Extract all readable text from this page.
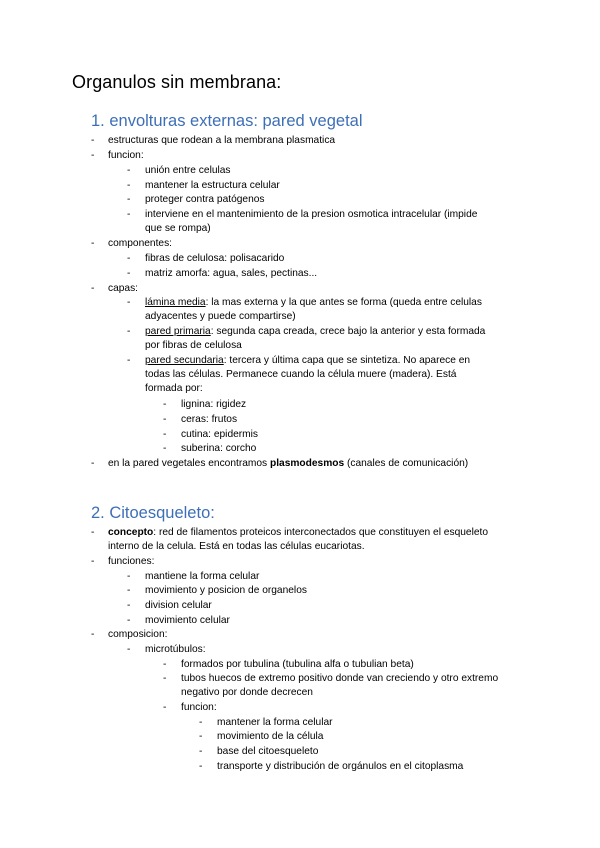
Organulos sin membrana:
1. envolturas externas: pared vegetal
- estructuras que rodean a la membrana plasmatica
- funcion:
- unión entre celulas
- mantener la estructura celular
- proteger contra patógenos
- interviene en el mantenimiento de la presion osmotica intracelular (impide
que se rompa)
- componentes:
- fibras de celulosa: polisacarido
- matriz amorfa: agua, sales, pectinas...
- capas:
- lámina media: la mas externa y la que antes se forma (queda entre celulas
adyacentes y puede compartirse)
- pared primaria: segunda capa creada, crece bajo la anterior y esta formada
por fibras de celulosa
- pared secundaria: tercera y última capa que se sintetiza. No aparece en
todas las células. Permanece cuando la célula muere (madera). Está
formada por:
- lignina: rigidez
- ceras: frutos
- cutina: epidermis
- suberina: corcho
- en la pared vegetales encontramos plasmodesmos (canales de comunicación)
2. Citoesqueleto:
- concepto: red de filamentos proteicos interconectados que constituyen el esqueleto
interno de la celula. Está en todas las células eucariotas.
- funciones:
- mantiene la forma celular
- movimiento y posicion de organelos
- division celular
- movimiento celular
- composicion:
- microtúbulos:
- formados por tubulina (tubulina alfa o tubulian beta)
- tubos huecos de extremo positivo donde van creciendo y otro extremo
negativo por donde decrecen
- funcion:
- mantener la forma celular
- movimiento de la célula
- base del citoesqueleto
- transporte y distribución de orgánulos en el citoplasma
